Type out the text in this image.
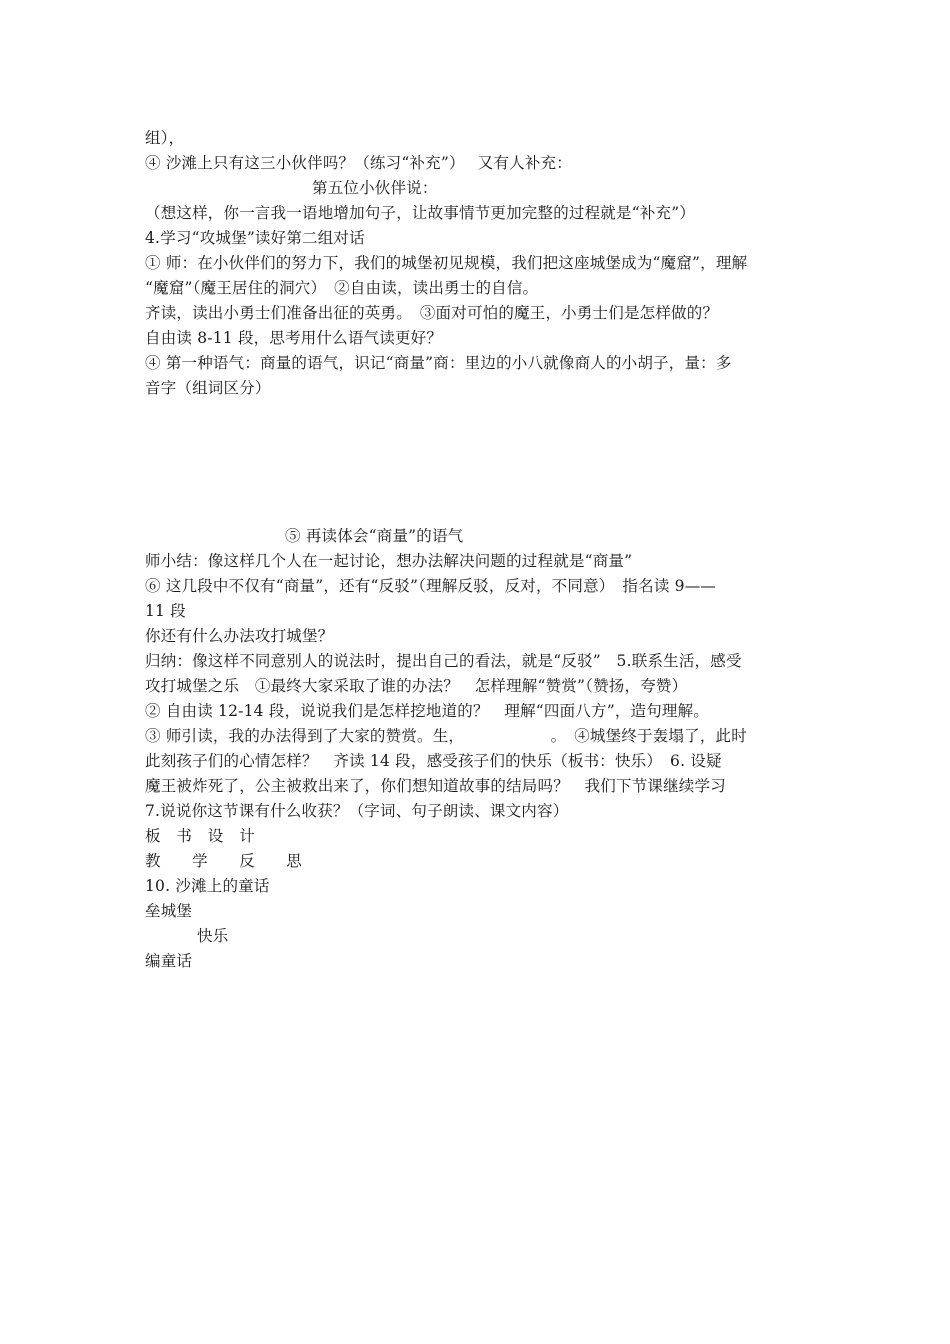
组），
④ 沙滩上只有这三小伙伴吗？（练习“补充”）　 又有人补充：
第五位小伙伴说：
（想这样，你一言我一语地增加句子，让故事情节更加完整的过程就是“补充”）
4.学习“攻城堡”读好第二组对话
① 师：在小伙伴们的努力下，我们的城堡初见规模，我们把这座城堡成为“魔窟”，理解
“魔窟”（魔王居住的洞穴）　②自由读，读出勇士的自信。
齐读，读出小勇士们准备出征的英勇。　③面对可怕的魔王，小勇士们是怎样做的？
自由读 8-11 段，思考用什么语气读更好？
④ 第一种语气：商量的语气，识记“商量”商：里边的小八就像商人的小胡子，量：多
音字（组词区分）
⑤ 再读体会“商量”的语气
师小结：像这样几个人在一起讨论，想办法解决问题的过程就是“商量”
⑥ 这几段中不仅有“商量”，还有“反驳”（理解反驳，反对，不同意）　指名读 9——
11 段
你还有什么办法攻打城堡？
归纳：像这样不同意别人的说法时，提出自己的看法，就是“反驳”　5.联系生活，感受
攻打城堡之乐　①最终大家采取了谁的办法？　怎样理解“赞赏”（赞扬，夸赞）
② 自由读 12-14 段，说说我们是怎样挖地道的？　理解“四面八方”，造句理解。
③ 师引读，我的办法得到了大家的赞赏。生，　　　　　　。　④城堡终于轰塌了，此时
此刻孩子们的心情怎样？　齐读 14 段，感受孩子们的快乐（板书：快乐）　6. 设疑
魔王被炸死了，公主被救出来了，你们想知道故事的结局吗？　我们下节课继续学习
7.说说你这节课有什么收获？（字词、句子朗读、课文内容）
板　书　设　计
教　　学　　反　　思
10. 沙滩上的童话
垒城堡
快乐
编童话
